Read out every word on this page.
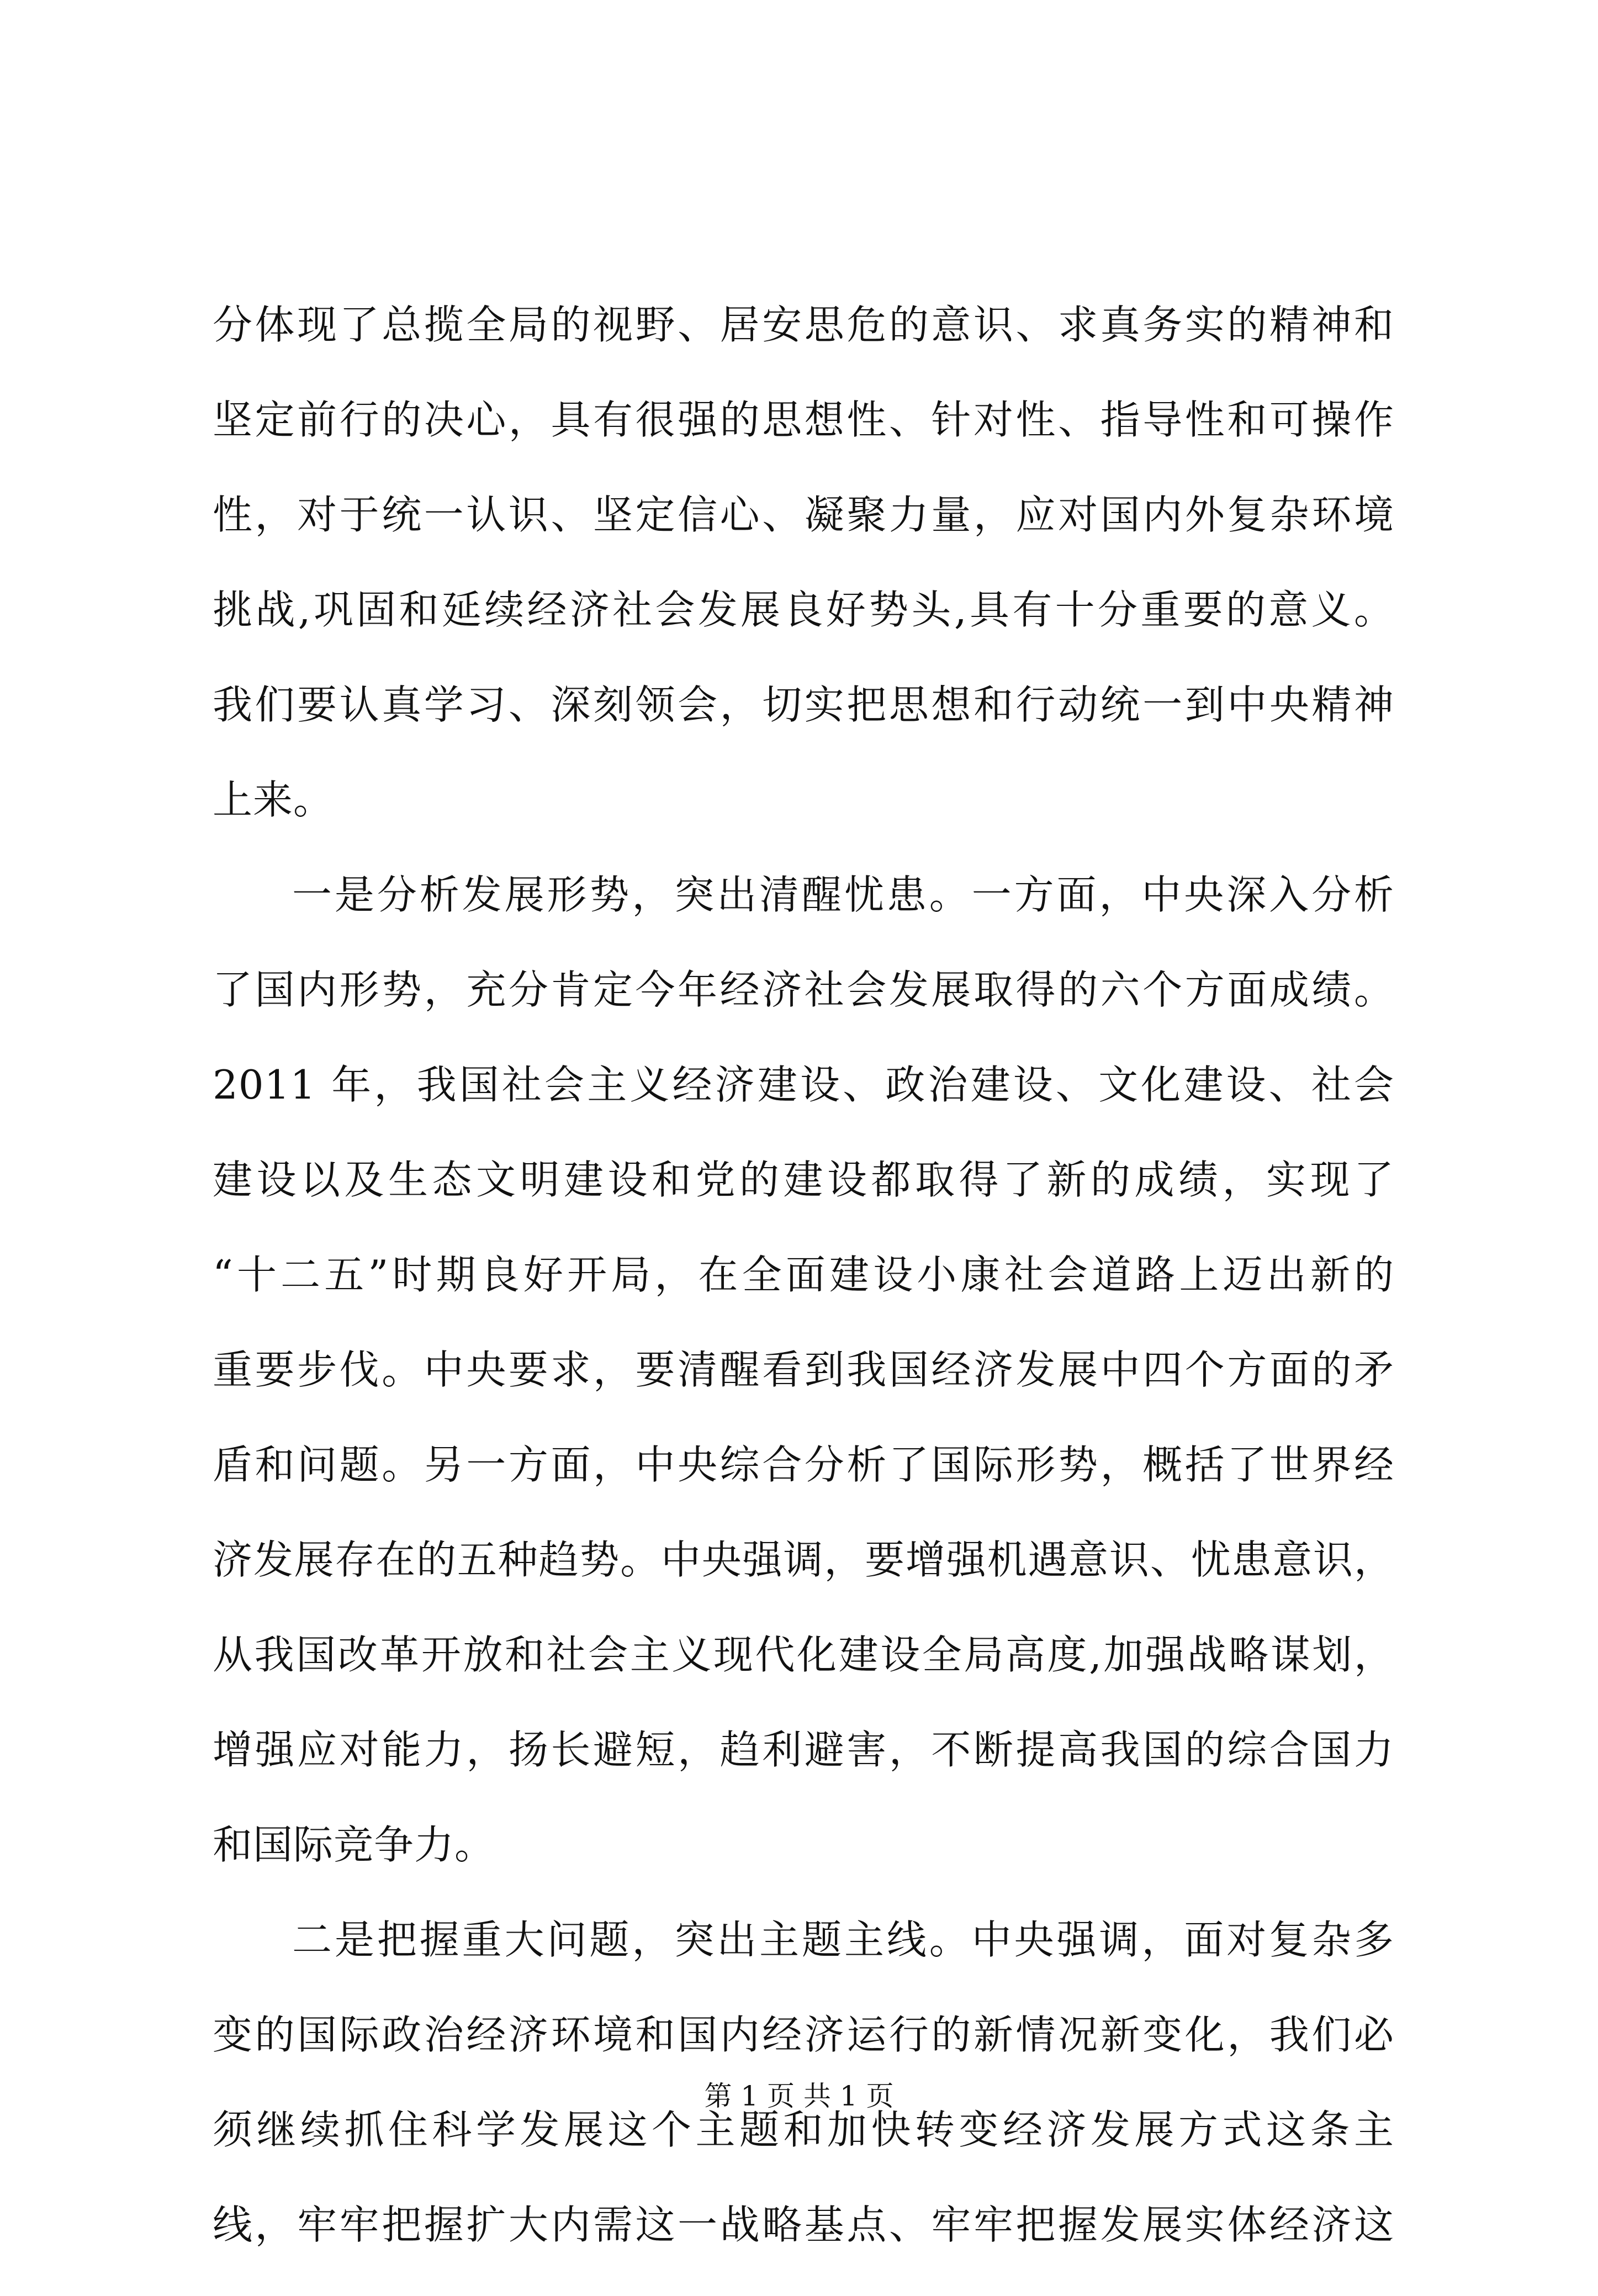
分体现了总揽全局的视野、居安思危的意识、求真务实的精神和
坚定前行的决心，具有很强的思想性、针对性、指导性和可操作
性，对于统一认识、坚定信心、凝聚力量，应对国内外复杂环境
挑战,巩固和延续经济社会发展良好势头,具有十分重要的意义。
我们要认真学习、深刻领会，切实把思想和行动统一到中央精神
上来。
一是分析发展形势，突出清醒忧患。一方面，中央深入分析
了国内形势，充分肯定今年经济社会发展取得的六个方面成绩。
2011 年，我国社会主义经济建设、政治建设、文化建设、社会
建设以及生态文明建设和党的建设都取得了新的成绩，实现了
“十二五”时期良好开局，在全面建设小康社会道路上迈出新的
重要步伐。中央要求，要清醒看到我国经济发展中四个方面的矛
盾和问题。另一方面，中央综合分析了国际形势，概括了世界经
济发展存在的五种趋势。中央强调，要增强机遇意识、忧患意识，
从我国改革开放和社会主义现代化建设全局高度,加强战略谋划，
增强应对能力，扬长避短，趋利避害，不断提高我国的综合国力
和国际竞争力。
二是把握重大问题，突出主题主线。中央强调，面对复杂多
变的国际政治经济环境和国内经济运行的新情况新变化，我们必
须继续抓住科学发展这个主题和加快转变经济发展方式这条主
线，牢牢把握扩大内需这一战略基点、牢牢把握发展实体经济这
第 1 页 共 1 页
